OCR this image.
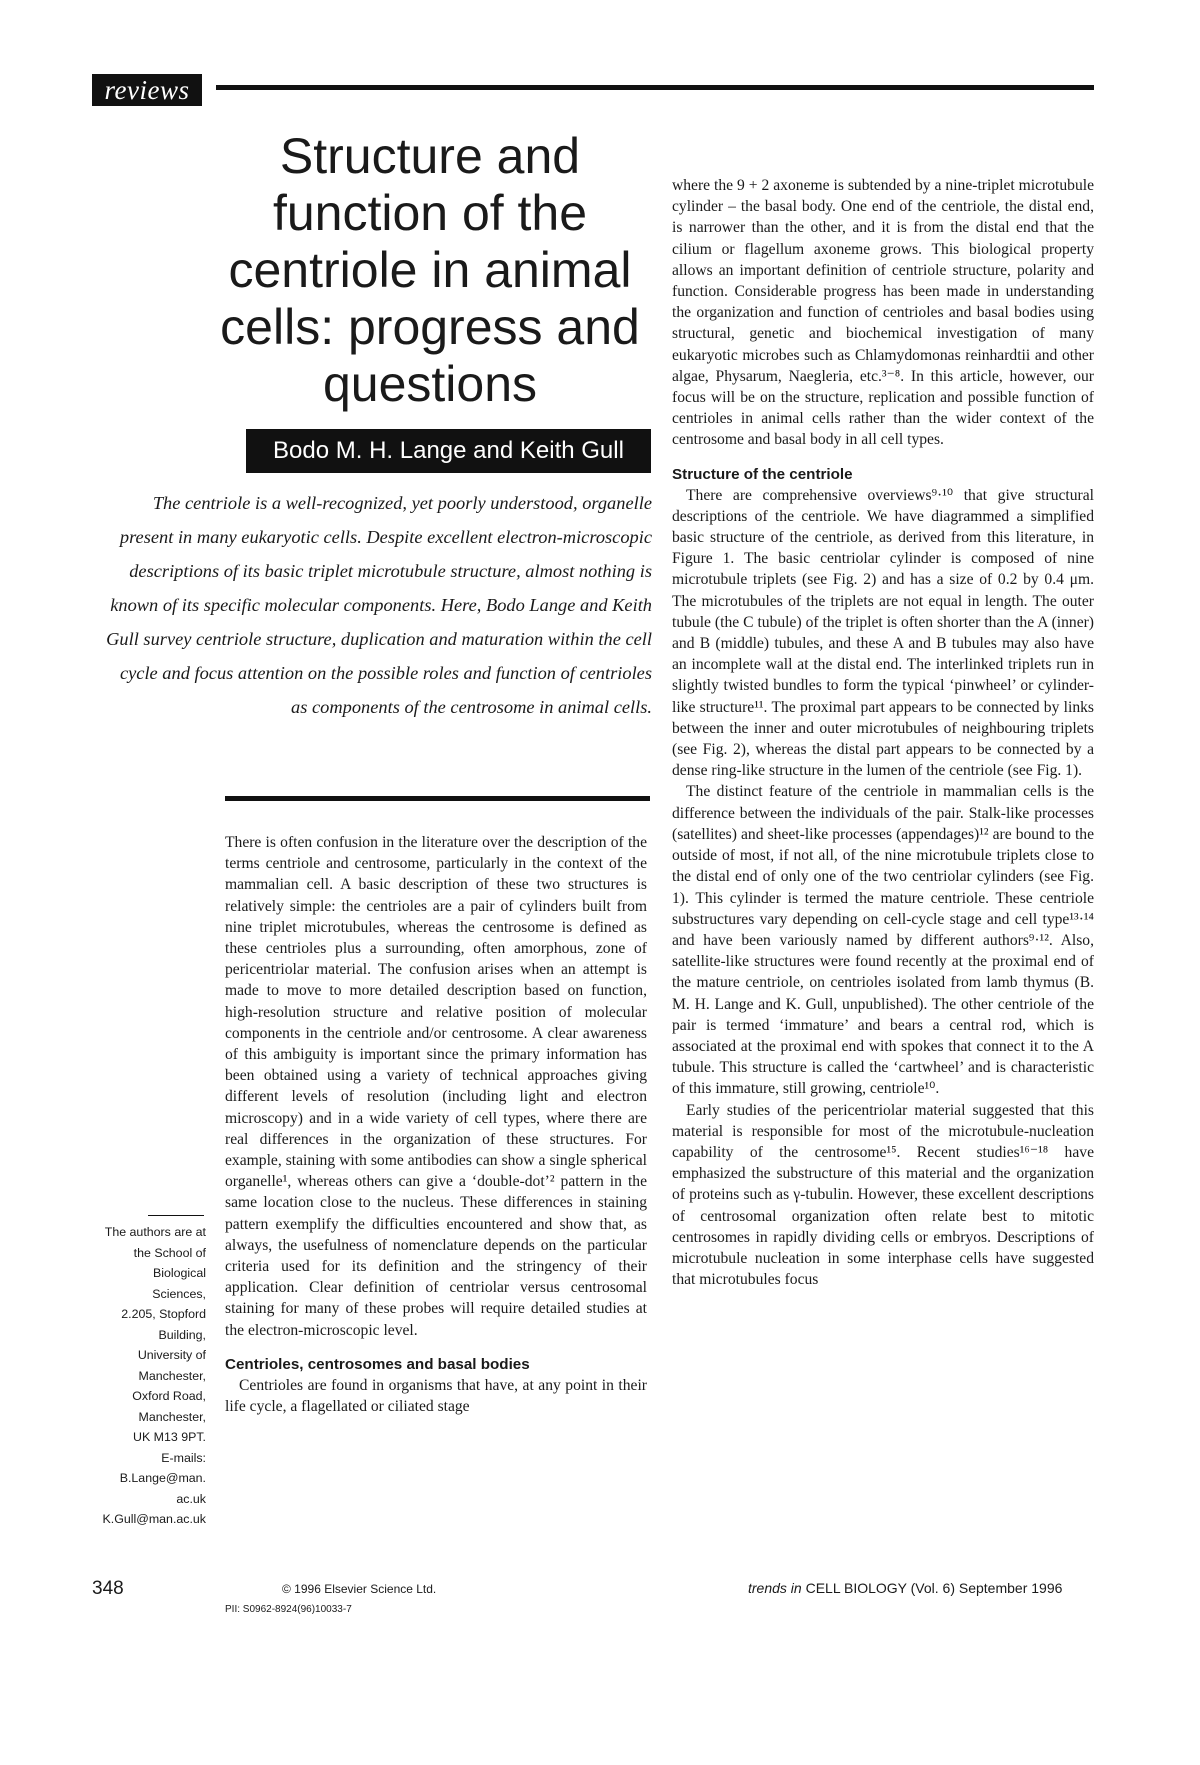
reviews
Structure and function of the centriole in animal cells: progress and questions
Bodo M. H. Lange and Keith Gull

The centriole is a well-recognized, yet poorly understood, organelle present in many eukaryotic cells. Despite excellent electron-microscopic descriptions of its basic triplet microtubule structure, almost nothing is known of its specific molecular components. Here, Bodo Lange and Keith Gull survey centriole structure, duplication and maturation within the cell cycle and focus attention on the possible roles and function of centrioles as components of the centrosome in animal cells.

There is often confusion in the literature over the description of the terms centriole and centrosome, particularly in the context of the mammalian cell. A basic description of these two structures is relatively simple: the centrioles are a pair of cylinders built from nine triplet microtubules, whereas the centrosome is defined as these centrioles plus a surrounding, often amorphous, zone of pericentriolar material. The confusion arises when an attempt is made to move to more detailed description based on function, high-resolution structure and relative position of molecular components in the centriole and/or centrosome. A clear awareness of this ambiguity is important since the primary information has been obtained using a variety of technical approaches giving different levels of resolution (including light and electron microscopy) and in a wide variety of cell types, where there are real differences in the organization of these structures. For example, staining with some antibodies can show a single spherical organelle¹, whereas others can give a ‘double-dot’² pattern in the same location close to the nucleus. These differences in staining pattern exemplify the difficulties encountered and show that, as always, the usefulness of nomenclature depends on the particular criteria used for its definition and the stringency of their application. Clear definition of centriolar versus centrosomal staining for many of these probes will require detailed studies at the electron-microscopic level.

Centrioles, centrosomes and basal bodies

Centrioles are found in organisms that have, at any point in their life cycle, a flagellated or ciliated stage

where the 9 + 2 axoneme is subtended by a nine-triplet microtubule cylinder – the basal body. One end of the centriole, the distal end, is narrower than the other, and it is from the distal end that the cilium or flagellum axoneme grows. This biological property allows an important definition of centriole structure, polarity and function. Considerable progress has been made in understanding the organization and function of centrioles and basal bodies using structural, genetic and biochemical investigation of many eukaryotic microbes such as Chlamydomonas reinhardtii and other algae, Physarum, Naegleria, etc.³⁻⁸. In this article, however, our focus will be on the structure, replication and possible function of centrioles in animal cells rather than the wider context of the centrosome and basal body in all cell types.

Structure of the centriole

There are comprehensive overviews⁹·¹⁰ that give structural descriptions of the centriole. We have diagrammed a simplified basic structure of the centriole, as derived from this literature, in Figure 1. The basic centriolar cylinder is composed of nine microtubule triplets (see Fig. 2) and has a size of 0.2 by 0.4 μm. The microtubules of the triplets are not equal in length. The outer tubule (the C tubule) of the triplet is often shorter than the A (inner) and B (middle) tubules, and these A and B tubules may also have an incomplete wall at the distal end. The interlinked triplets run in slightly twisted bundles to form the typical ‘pinwheel’ or cylinder-like structure¹¹. The proximal part appears to be connected by links between the inner and outer microtubules of neighbouring triplets (see Fig. 2), whereas the distal part appears to be connected by a dense ring-like structure in the lumen of the centriole (see Fig. 1).

The distinct feature of the centriole in mammalian cells is the difference between the individuals of the pair. Stalk-like processes (satellites) and sheet-like processes (appendages)¹² are bound to the outside of most, if not all, of the nine microtubule triplets close to the distal end of only one of the two centriolar cylinders (see Fig. 1). This cylinder is termed the mature centriole. These centriole substructures vary depending on cell-cycle stage and cell type¹³·¹⁴ and have been variously named by different authors⁹·¹². Also, satellite-like structures were found recently at the proximal end of the mature centriole, on centrioles isolated from lamb thymus (B. M. H. Lange and K. Gull, unpublished). The other centriole of the pair is termed ‘immature’ and bears a central rod, which is associated at the proximal end with spokes that connect it to the A tubule. This structure is called the ‘cartwheel’ and is characteristic of this immature, still growing, centriole¹⁰.

Early studies of the pericentriolar material suggested that this material is responsible for most of the microtubule-nucleation capability of the centrosome¹⁵. Recent studies¹⁶⁻¹⁸ have emphasized the substructure of this material and the organization of proteins such as γ-tubulin. However, these excellent descriptions of centrosomal organization often relate best to mitotic centrosomes in rapidly dividing cells or embryos. Descriptions of microtubule nucleation in some interphase cells have suggested that microtubules focus

The authors are at
the School of
Biological
Sciences,
2.205, Stopford
Building,
University of
Manchester,
Oxford Road,
Manchester,
UK M13 9PT.
E-mails:
B.Lange@man.
ac.uk
K.Gull@man.ac.uk
348	© 1996 Elsevier Science Ltd.
PII: S0962-8924(96)10033-7
trends in CELL BIOLOGY (Vol. 6) September 1996
